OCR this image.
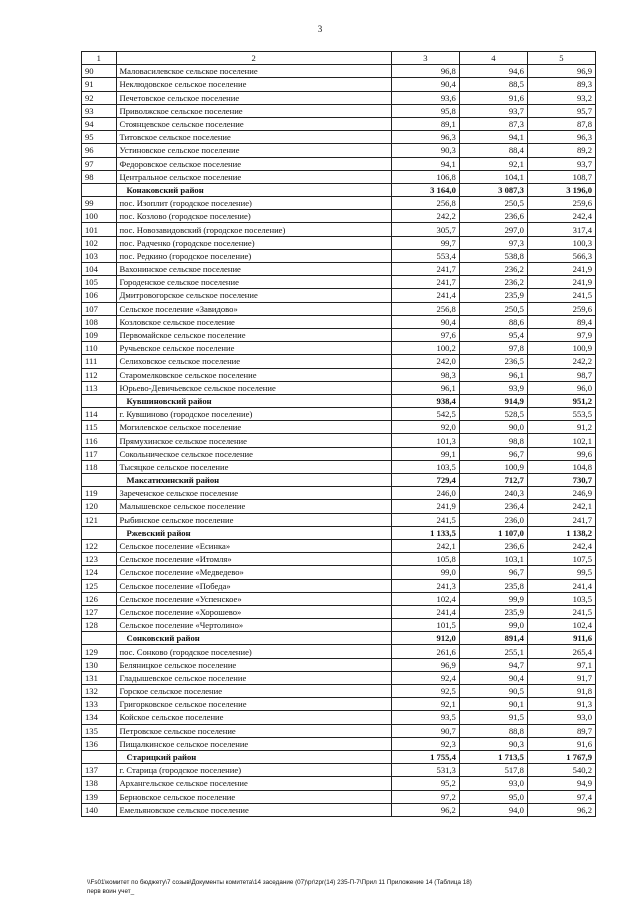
3
1	2	3	4	5
90	Маловасилевское сельское поселение	96,8	94,6	96,9
91	Неклюдовское сельское поселение	90,4	88,5	89,3
92	Печетовское сельское поселение	93,6	91,6	93,2
93	Приволжское сельское поселение	95,8	93,7	95,7
94	Стоянцевское сельское поселение	89,1	87,3	87,8
95	Титовское сельское поселение	96,3	94,1	96,3
96	Устиновское сельское поселение	90,3	88,4	89,2
97	Федоровское сельское поселение	94,1	92,1	93,7
98	Центральное сельское поселение	106,8	104,1	108,7
	Конаковский район	3 164,0	3 087,3	3 196,0
99	пос. Изоплит (городское поселение)	256,8	250,5	259,6
100	пос. Козлово (городское поселение)	242,2	236,6	242,4
101	пос. Новозавидовский (городское поселение)	305,7	297,0	317,4
102	пос. Радченко (городское поселение)	99,7	97,3	100,3
103	пос. Редкино (городское поселение)	553,4	538,8	566,3
104	Вахонинское сельское поселение	241,7	236,2	241,9
105	Городенское сельское поселение	241,7	236,2	241,9
106	Дмитровогорское сельское поселение	241,4	235,9	241,5
107	Сельское поселение «Завидово»	256,8	250,5	259,6
108	Козловское сельское поселение	90,4	88,6	89,4
109	Первомайское сельское поселение	97,6	95,4	97,9
110	Ручьевское сельское поселение	100,2	97,8	100,9
111	Селиховское сельское поселение	242,0	236,5	242,2
112	Старомелковское сельское поселение	98,3	96,1	98,7
113	Юрьево-Девичьевское сельское поселение	96,1	93,9	96,0
	Кувшиновский район	938,4	914,9	951,2
114	г. Кувшиново (городское поселение)	542,5	528,5	553,5
115	Могилевское сельское поселение	92,0	90,0	91,2
116	Прямухинское сельское поселение	101,3	98,8	102,1
117	Сокольническое сельское поселение	99,1	96,7	99,6
118	Тысяцкое сельское поселение	103,5	100,9	104,8
	Максатихинский район	729,4	712,7	730,7
119	Зареченское сельское поселение	246,0	240,3	246,9
120	Малышевское сельское поселение	241,9	236,4	242,1
121	Рыбинское сельское поселение	241,5	236,0	241,7
	Ржевский район	1 133,5	1 107,0	1 138,2
122	Сельское поселение «Есинка»	242,1	236,6	242,4
123	Сельское поселение «Итомля»	105,8	103,1	107,5
124	Сельское поселение «Медведево»	99,0	96,7	99,5
125	Сельское поселение «Победа»	241,3	235,8	241,4
126	Сельское поселение «Успенское»	102,4	99,9	103,5
127	Сельское поселение «Хорошево»	241,4	235,9	241,5
128	Сельское поселение «Чертолино»	101,5	99,0	102,4
	Сонковский район	912,0	891,4	911,6
129	пос. Сонково (городское поселение)	261,6	255,1	265,4
130	Беляницкое сельское поселение	96,9	94,7	97,1
131	Гладышевское сельское поселение	92,4	90,4	91,7
132	Горское сельское поселение	92,5	90,5	91,8
133	Григорковское сельское поселение	92,1	90,1	91,3
134	Койское сельское поселение	93,5	91,5	93,0
135	Петровское сельское поселение	90,7	88,8	89,7
136	Пищалкинское сельское поселение	92,3	90,3	91,6
	Старицкий район	1 755,4	1 713,5	1 767,9
137	г. Старица (городское поселение)	531,3	517,8	540,2
138	Архангельское сельское поселение	95,2	93,0	94,9
139	Берновское сельское поселение	97,2	95,0	97,4
140	Емельяновское сельское поселение	96,2	94,0	96,2
\\Fs01\комитет по бюджету\7 созыв\Документы комитета\14 заседание (07)\pr\zpr(14) 235-П-7\Прил 11 Приложение 14 (Таблица 18)
перв воин учет_
